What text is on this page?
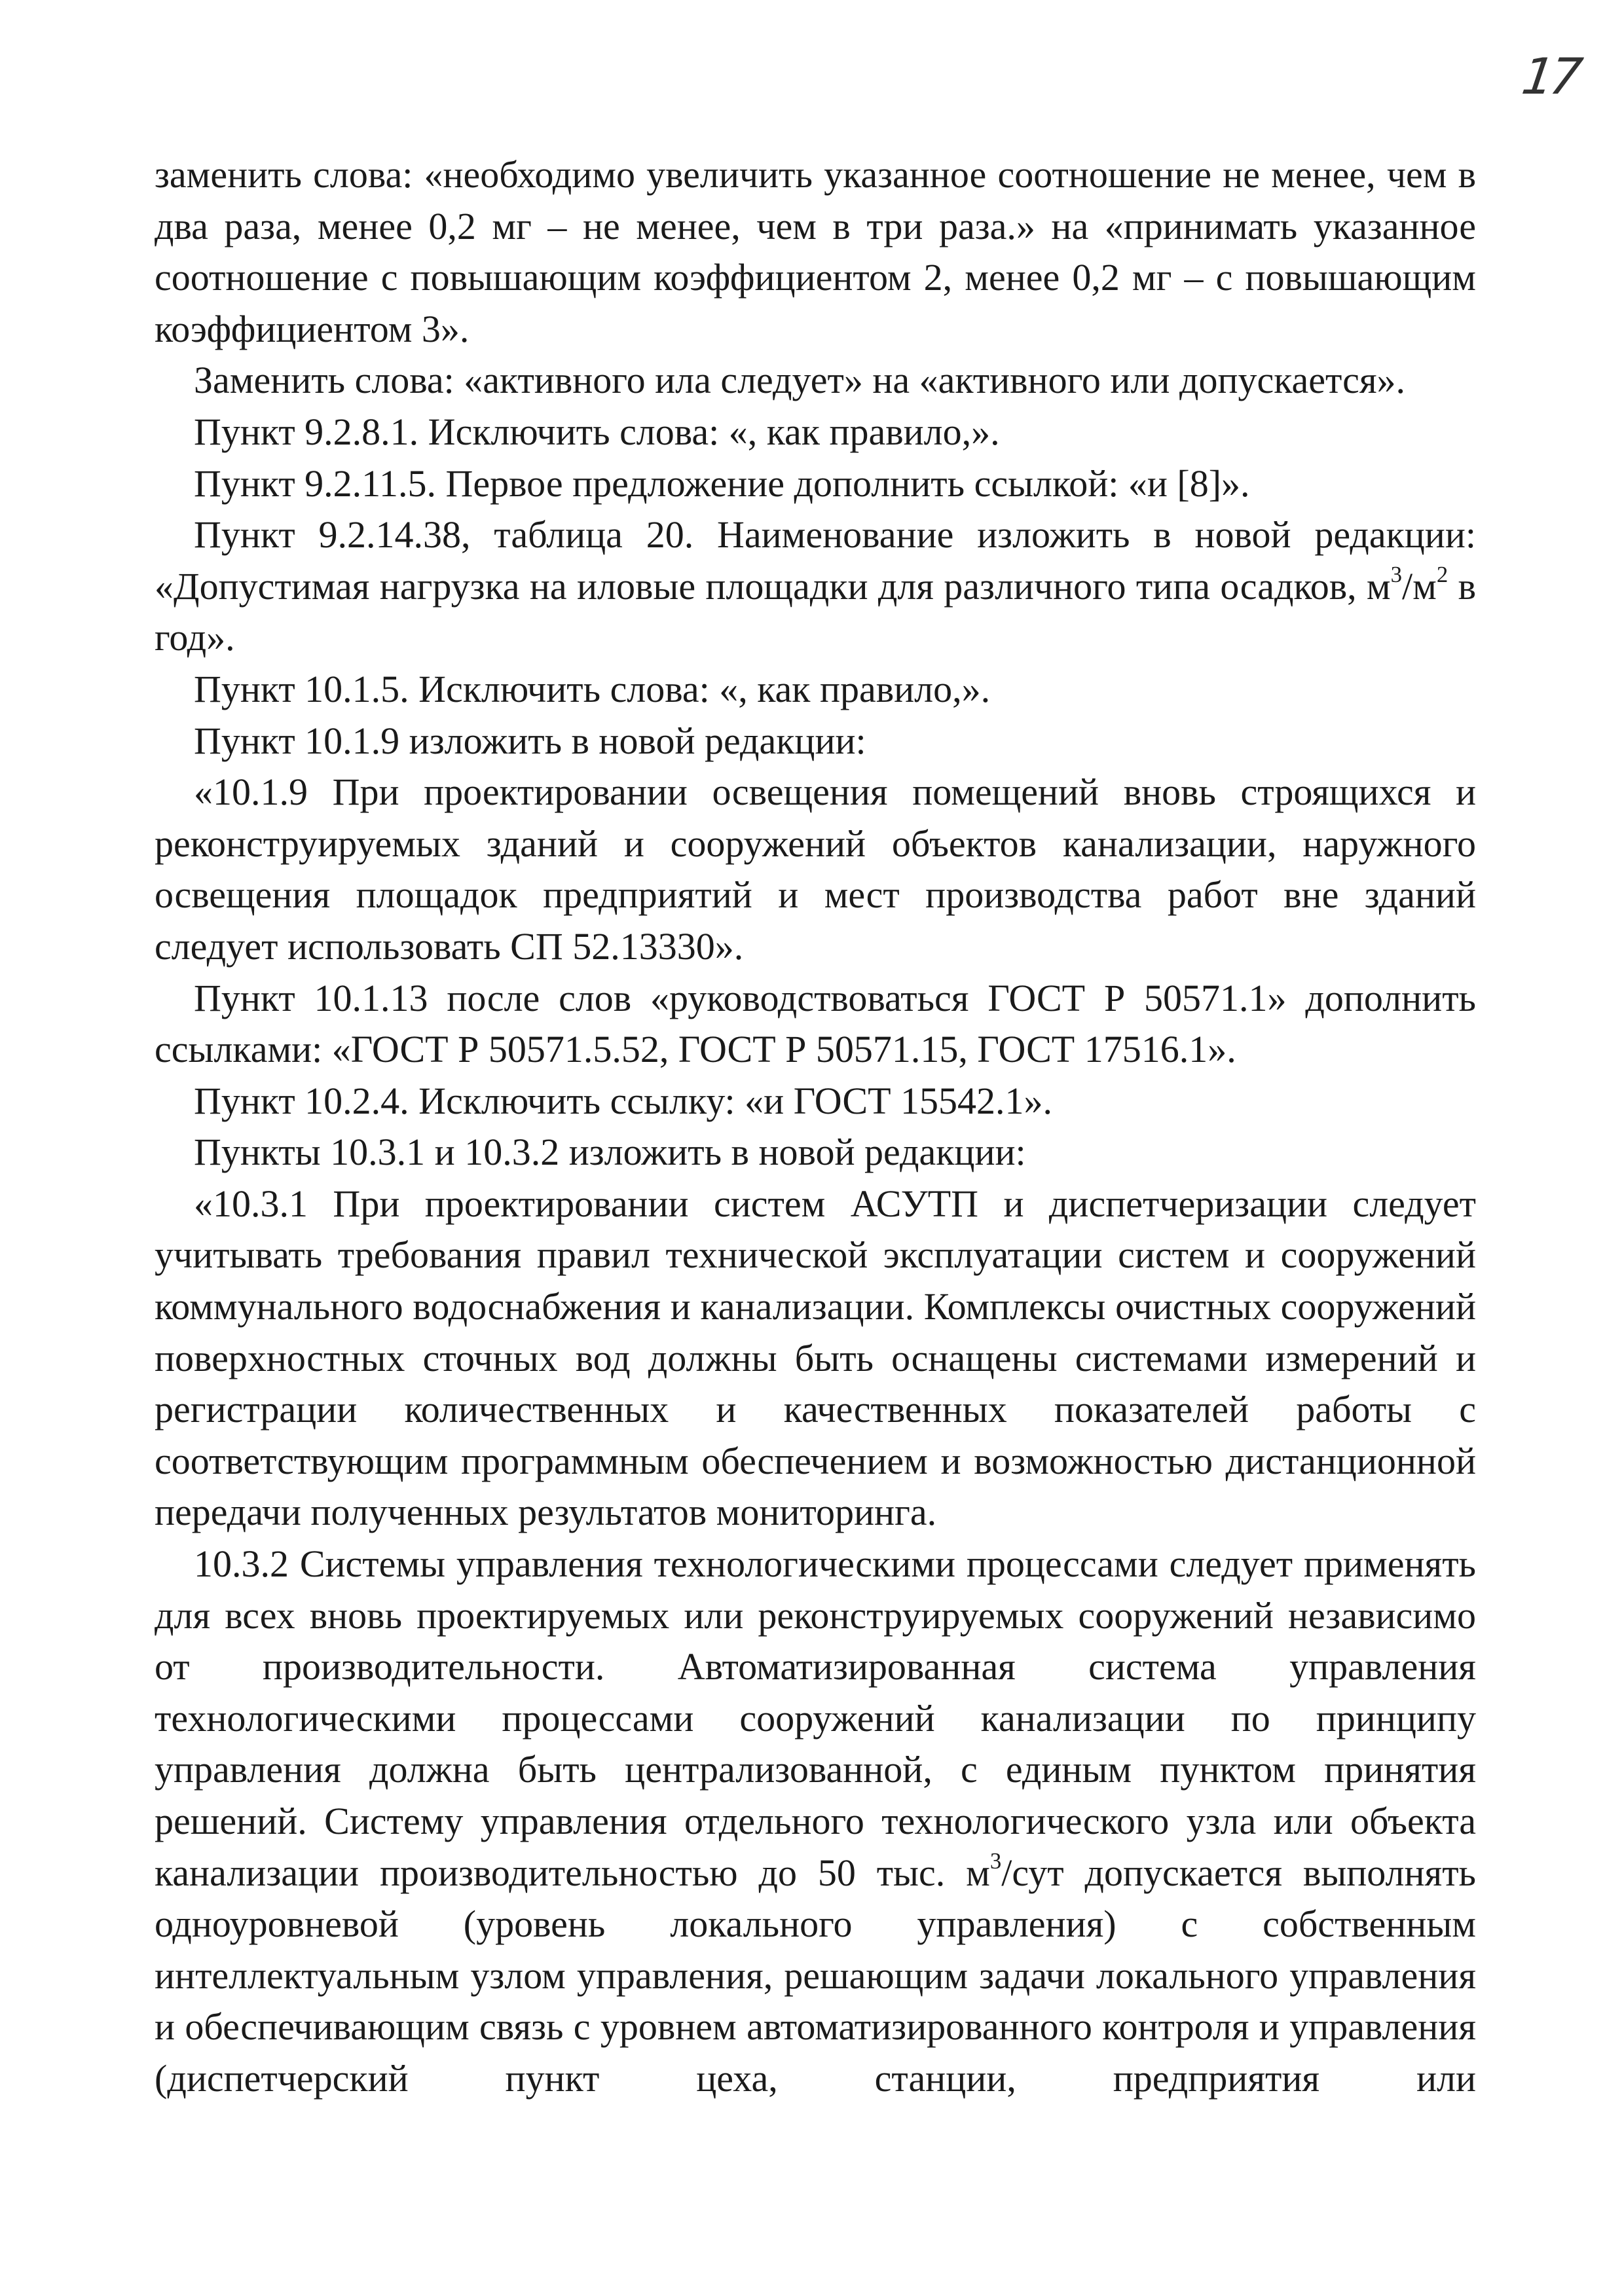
17

заменить слова: «необходимо увеличить указанное соотношение не менее, чем в два раза, менее 0,2 мг – не менее, чем в три раза.» на «принимать указанное соотношение с повышающим коэффициентом 2, менее 0,2 мг – с повышающим коэффициентом 3».

Заменить слова: «активного ила следует» на «активного или допускается».

Пункт 9.2.8.1. Исключить слова: «, как правило,».

Пункт 9.2.11.5. Первое предложение дополнить ссылкой: «и [8]».

Пункт 9.2.14.38, таблица 20. Наименование изложить в новой редакции: «Допустимая нагрузка на иловые площадки для различного типа осадков, $м^3/м^2$ в год».

Пункт 10.1.5. Исключить слова: «, как правило,».

Пункт 10.1.9 изложить в новой редакции:

«10.1.9 При проектировании освещения помещений вновь строящихся и реконструируемых зданий и сооружений объектов канализации, наружного освещения площадок предприятий и мест производства работ вне зданий следует использовать СП 52.13330».

Пункт 10.1.13 после слов «руководствоваться ГОСТ Р 50571.1» дополнить ссылками: «ГОСТ Р 50571.5.52, ГОСТ Р 50571.15, ГОСТ 17516.1».

Пункт 10.2.4. Исключить ссылку: «и ГОСТ 15542.1».

Пункты 10.3.1 и 10.3.2 изложить в новой редакции:

«10.3.1 При проектировании систем АСУТП и диспетчеризации следует учитывать требования правил технической эксплуатации систем и сооружений коммунального водоснабжения и канализации. Комплексы очистных сооружений поверхностных сточных вод должны быть оснащены системами измерений и регистрации количественных и качественных показателей работы с соответствующим программным обеспечением и возможностью дистанционной передачи полученных результатов мониторинга.

10.3.2 Системы управления технологическими процессами следует применять для всех вновь проектируемых или реконструируемых сооружений независимо от производительности. Автоматизированная система управления технологическими процессами сооружений канализации по принципу управления должна быть централизованной, с единым пунктом принятия решений. Систему управления отдельного технологического узла или объекта канализации производительностью до 50 тыс. $м^3$/сут допускается выполнять одноуровневой (уровень локального управления) с собственным интеллектуальным узлом управления, решающим задачи локального управления и обеспечивающим связь с уровнем автоматизированного контроля и управления (диспетчерский пункт цеха, станции, предприятия или
